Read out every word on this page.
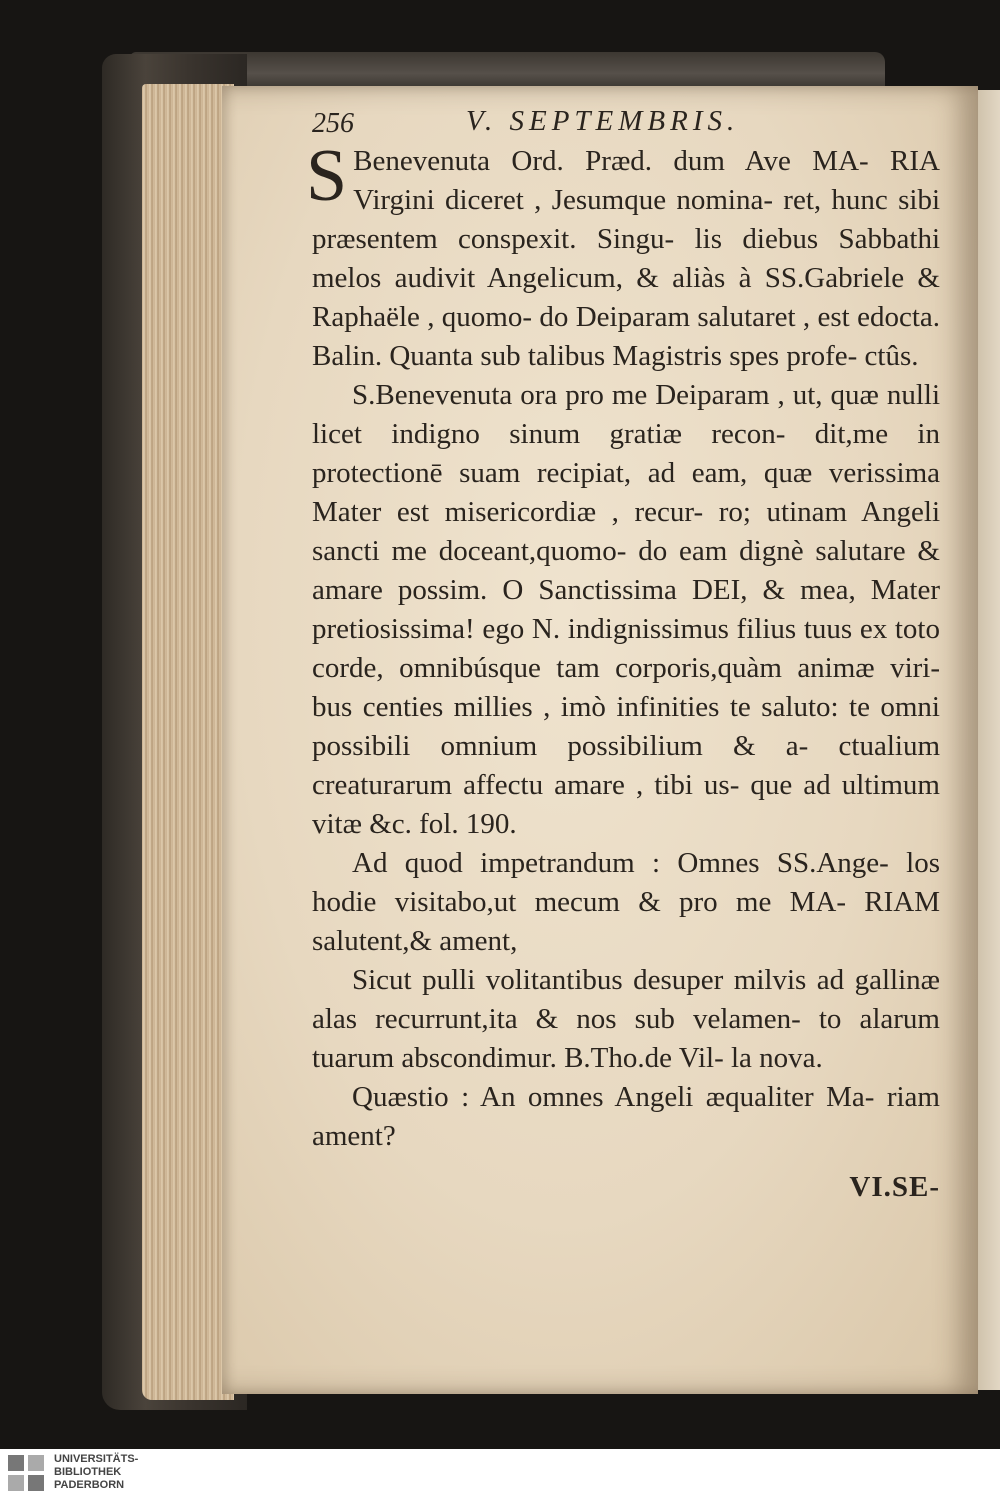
256	V. SEPTEMBRIS.

S Benevenuta Ord. Præd. dum Ave MA- RIA Virgini diceret , Jesumque nomina- ret, hunc sibi præsentem conspexit. Singu- lis diebus Sabbathi melos audivit Angelicum, & aliàs à SS.Gabriele & Raphaële , quomo- do Deiparam salutaret , est edocta. Balin. Quanta sub talibus Magistris spes profe- ctûs.

S.Benevenuta ora pro me Deiparam , ut, quæ nulli licet indigno sinum gratiæ recon- dit,me in protectionē suam recipiat, ad eam, quæ verissima Mater est misericordiæ , recur- ro; utinam Angeli sancti me doceant,quomo- do eam dignè salutare & amare possim. O Sanctissima DEI, & mea, Mater pretiosissima! ego N. indignissimus filius tuus ex toto corde, omnibúsque tam corporis,quàm animæ viri- bus centies millies , imò infinities te saluto: te omni possibili omnium possibilium & a- ctualium creaturarum affectu amare , tibi us- que ad ultimum vitæ &c. fol. 190.

Ad quod impetrandum : Omnes SS.Ange- los hodie visitabo,ut mecum & pro me MA- RIAM salutent,& ament,

Sicut pulli volitantibus desuper milvis ad gallinæ alas recurrunt,ita & nos sub velamen- to alarum tuarum abscondimur. B.Tho.de Vil- la nova.

Quæstio : An omnes Angeli æqualiter Ma- riam ament?

VI.SE-
UNIVERSITÄTS-
BIBLIOTHEK
PADERBORN
